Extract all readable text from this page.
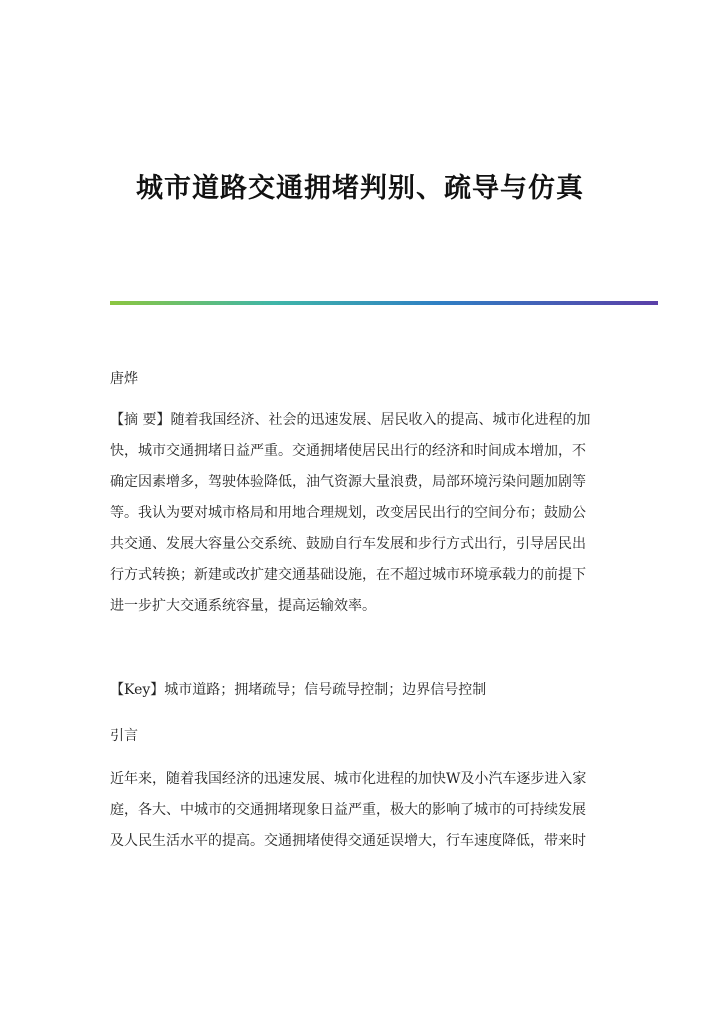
城市道路交通拥堵判别、疏导与仿真
唐烨
【摘 要】随着我国经济、社会的迅速发展、居民收入的提高、城市化进程的加
快，城市交通拥堵日益严重。交通拥堵使居民出行的经济和时间成本增加，不
确定因素增多，驾驶体验降低，油气资源大量浪费，局部环境污染问题加剧等
等。我认为要对城市格局和用地合理规划，改变居民出行的空间分布；鼓励公
共交通、发展大容量公交系统、鼓励自行车发展和步行方式出行，引导居民出
行方式转换；新建或改扩建交通基础设施，在不超过城市环境承载力的前提下
进一步扩大交通系统容量，提高运输效率。
【Key】城市道路；拥堵疏导；信号疏导控制；边界信号控制
引言
近年来，随着我国经济的迅速发展、城市化进程的加快W及小汽车逐步进入家
庭，各大、中城市的交通拥堵现象日益严重，极大的影响了城市的可持续发展
及人民生活水平的提高。交通拥堵使得交通延误增大，行车速度降低，带来时
